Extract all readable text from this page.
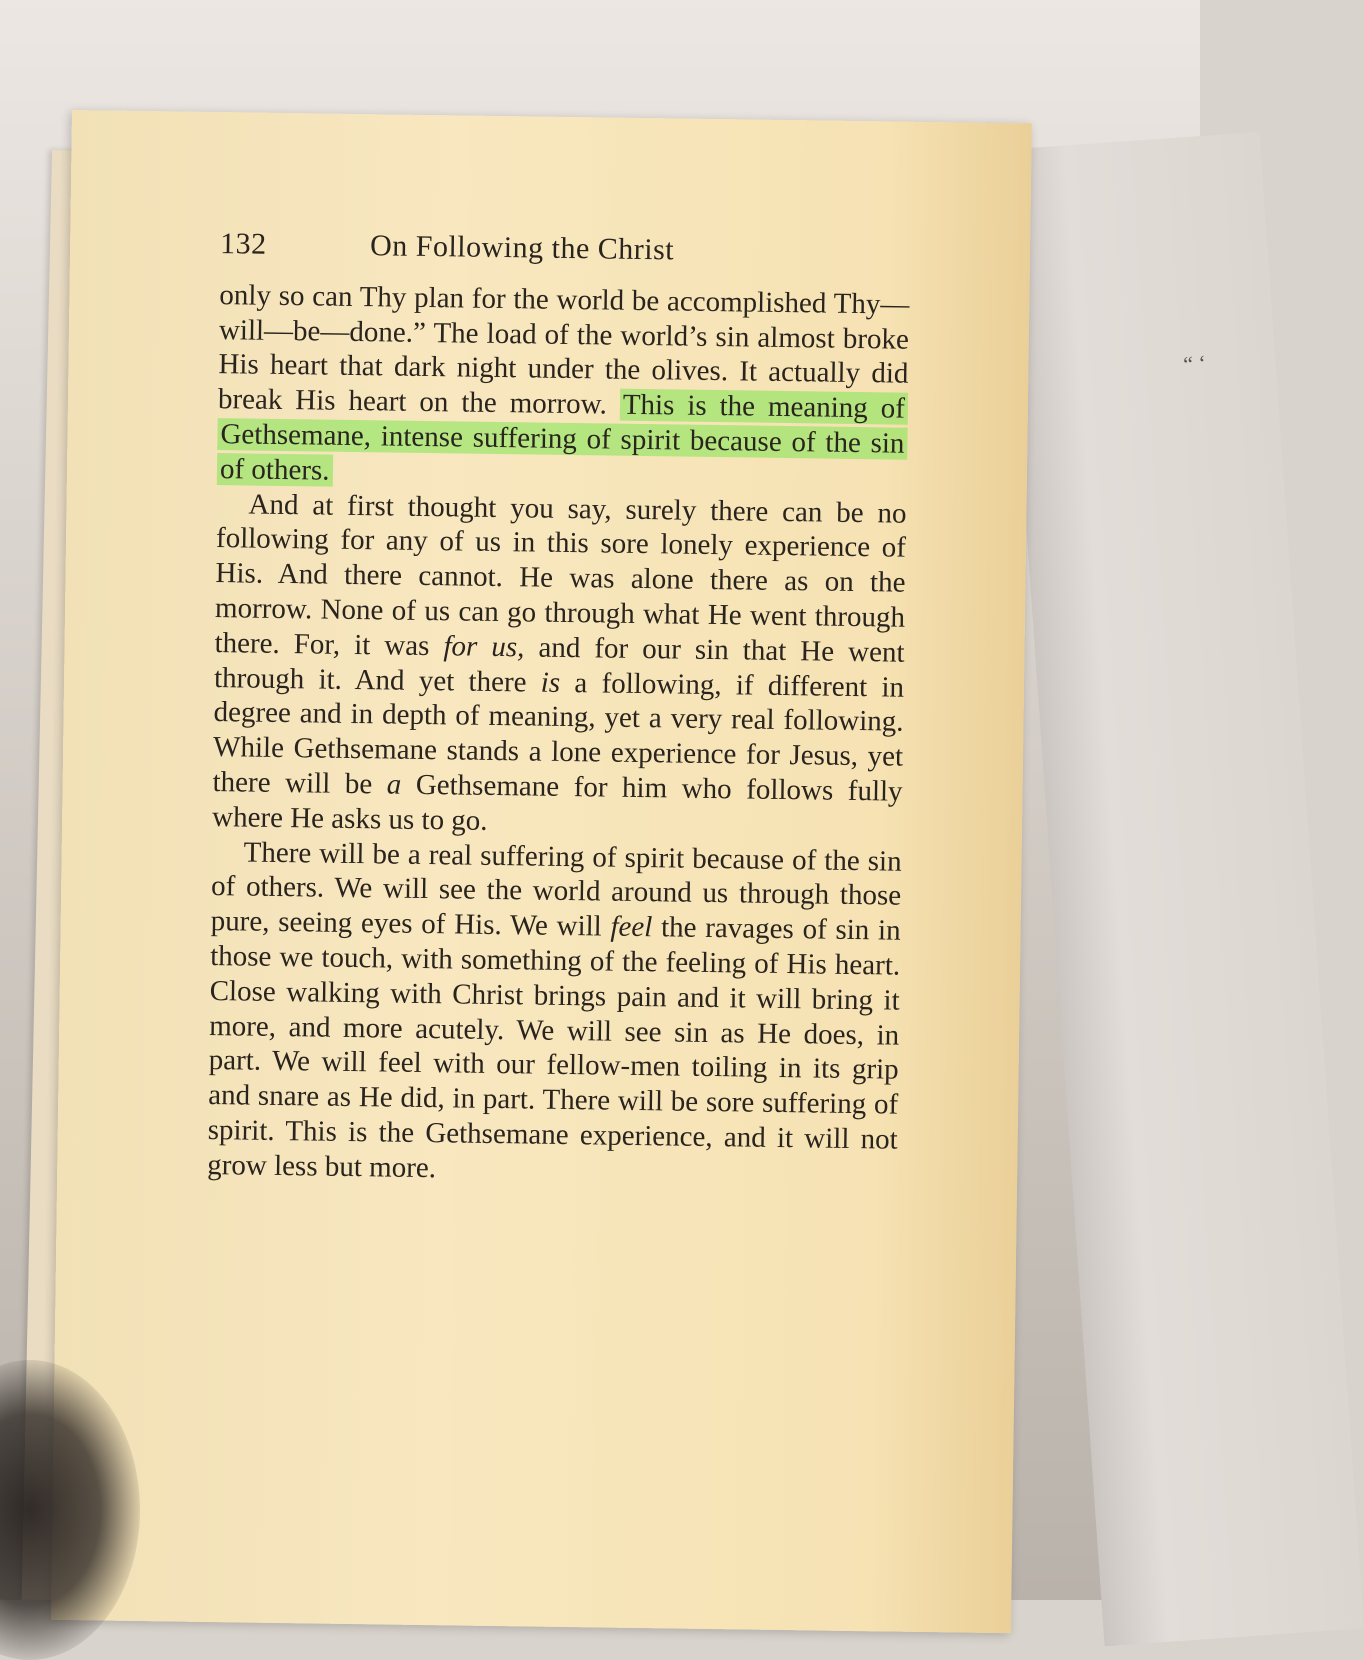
“ ‘
132	On Following the Christ

only so can Thy plan for the world be accomplished Thy—will—be—done.” The load of the world’s sin almost broke His heart that dark night under the olives. It actually did break His heart on the morrow. This is the meaning of Gethsemane, intense suffering of spirit because of the sin of others.

And at first thought you say, surely there can be no following for any of us in this sore lonely experience of His. And there cannot. He was alone there as on the morrow. None of us can go through what He went through there. For, it was for us, and for our sin that He went through it. And yet there is a following, if different in degree and in depth of meaning, yet a very real following. While Gethsemane stands a lone experience for Jesus, yet there will be a Gethsemane for him who follows fully where He asks us to go.

There will be a real suffering of spirit because of the sin of others. We will see the world around us through those pure, seeing eyes of His. We will feel the ravages of sin in those we touch, with something of the feeling of His heart. Close walking with Christ brings pain and it will bring it more, and more acutely. We will see sin as He does, in part. We will feel with our fellow-men toiling in its grip and snare as He did, in part. There will be sore suffering of spirit. This is the Gethsemane experience, and it will not grow less but more.
